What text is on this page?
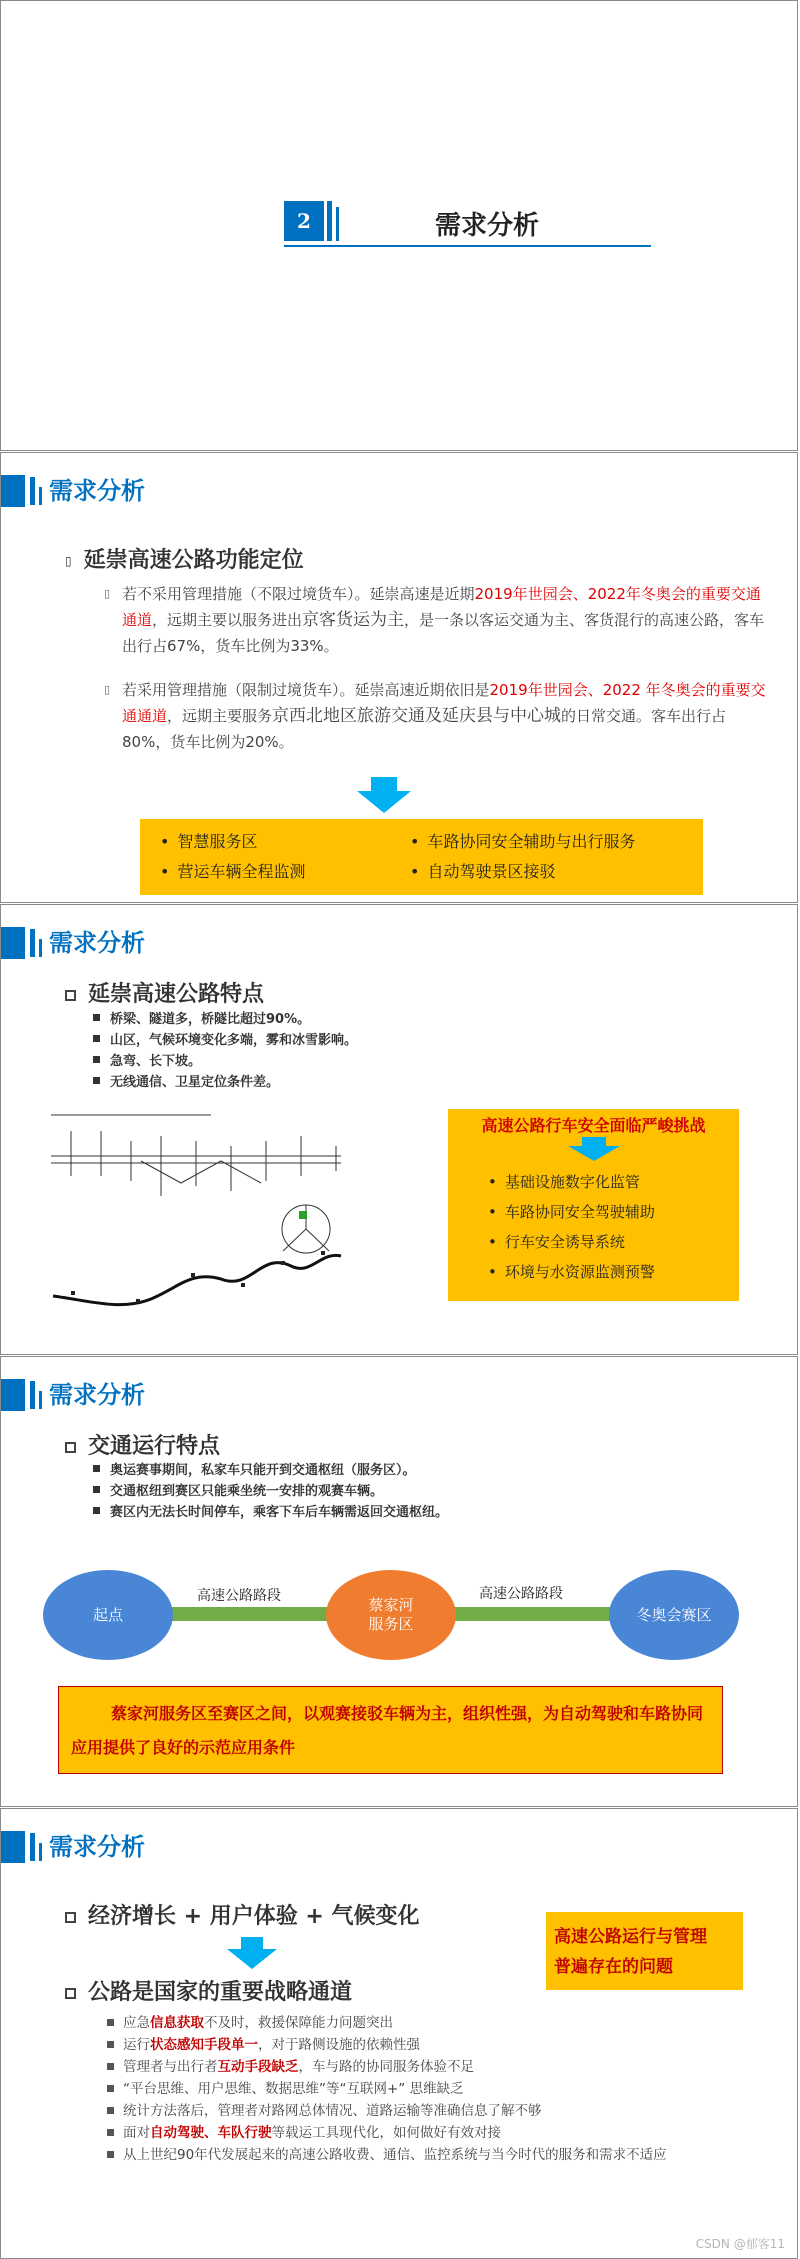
2	需求分析
需求分析
▯ 延崇高速公路功能定位
▯ 若不采用管理措施（不限过境货车）。延崇高速是近期2019年世园会、2022年冬奥会的重要交通通道，远期主要以服务进出京客货运为主，是一条以客运交通为主、客货混行的高速公路，客车出行占67%，货车比例为33%。
▯ 若采用管理措施（限制过境货车）。延崇高速近期依旧是2019年世园会、2022 年冬奥会的重要交通通道，远期主要服务京西北地区旅游交通及延庆县与中心城的日常交通。客车出行占80%，货车比例为20%。
• 智慧服务区	• 车路协同安全辅助与出行服务
• 营运车辆全程监测	• 自动驾驶景区接驳
需求分析
延崇高速公路特点
桥梁、隧道多，桥隧比超过90%。
山区，气候环境变化多端，雾和冰雪影响。
急弯、长下坡。
无线通信、卫星定位条件差。
高速公路行车安全面临严峻挑战
• 基础设施数字化监管
• 车路协同安全驾驶辅助
• 行车安全诱导系统
• 环境与水资源监测预警
需求分析
交通运行特点
奥运赛事期间，私家车只能开到交通枢纽（服务区）。
交通枢纽到赛区只能乘坐统一安排的观赛车辆。
赛区内无法长时间停车，乘客下车后车辆需返回交通枢纽。
高速公路路段	高速公路路段
起点
蔡家河服务区
冬奥会赛区
蔡家河服务区至赛区之间，以观赛接驳车辆为主，组织性强，为自动驾驶和车路协同应用提供了良好的示范应用条件
需求分析
经济增长 + 用户体验 + 气候变化
高速公路运行与管理
普遍存在的问题
公路是国家的重要战略通道
应急信息获取不及时，救援保障能力问题突出
运行状态感知手段单一，对于路侧设施的依赖性强
管理者与出行者互动手段缺乏，车与路的协同服务体验不足
“平台思维、用户思维、数据思维”等“互联网+” 思维缺乏
统计方法落后，管理者对路网总体情况、道路运输等准确信息了解不够
面对自动驾驶、车队行驶等载运工具现代化，如何做好有效对接
从上世纪90年代发展起来的高速公路收费、通信、监控系统与当今时代的服务和需求不适应
CSDN @郁客11
